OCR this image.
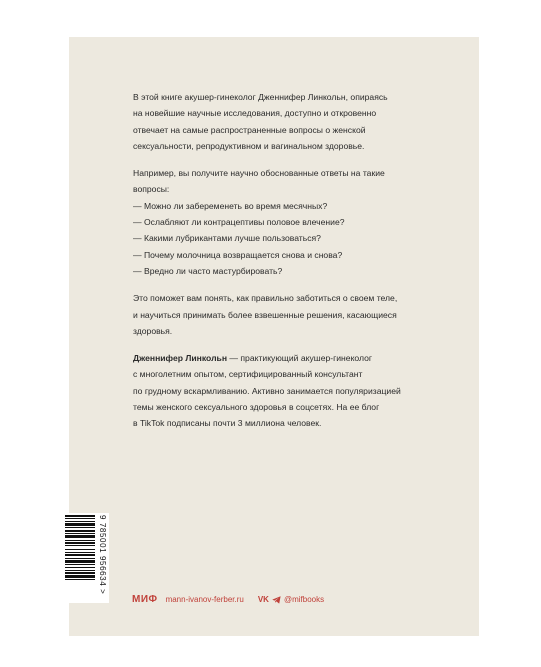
В этой книге акушер-гинеколог Дженнифер Линкольн, опираясь
на новейшие научные исследования, доступно и откровенно
отвечает на самые распространенные вопросы о женской
сексуальности, репродуктивном и вагинальном здоровье.
Например, вы получите научно обоснованные ответы на такие
вопросы:
— Можно ли забеременеть во время месячных?
— Ослабляют ли контрацептивы половое влечение?
— Какими лубрикантами лучше пользоваться?
— Почему молочница возвращается снова и снова?
— Вредно ли часто мастурбировать?
Это поможет вам понять, как правильно заботиться о своем теле,
и научиться принимать более взвешенные решения, касающиеся
здоровья.
Дженнифер Линкольн — практикующий акушер-гинеколог
с многолетним опытом, сертифицированный консультант
по грудному вскармливанию. Активно занимается популяризацией
темы женского сексуального здоровья в соцсетях. На ее блог
в TikTok подписаны почти 3 миллиона человек.
9 785001 956634 >
МИФ mann-ivanov-ferber.ru VK @mifbooks
